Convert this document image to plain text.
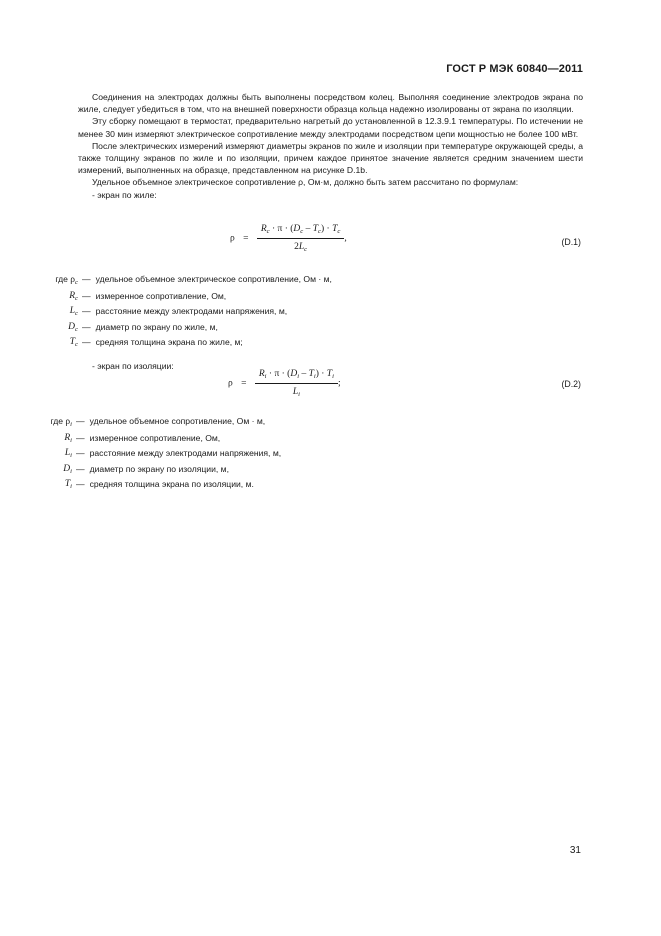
ГОСТ Р МЭК 60840—2011

Соединения на электродах должны быть выполнены посредством колец. Выполняя соединение электродов экрана по жиле, следует убедиться в том, что на внешней поверхности образца кольца надежно изолированы от экрана по изоляции.

Эту сборку помещают в термостат, предварительно нагретый до установленной в 12.3.9.1 температуры. По истечении не менее 30 мин измеряют электрическое сопротивление между электродами посредством цепи мощностью не более 100 мВт.

После электрических измерений измеряют диаметры экранов по жиле и изоляции при температуре окружающей среды, а также толщину экранов по жиле и по изоляции, причем каждое принятое значение является средним значением шести измерений, выполненных на образце, представленном на рисунке D.1b.

Удельное объемное электрическое сопротивление ρ, Ом·м, должно быть затем рассчитано по формулам:

- экран по жиле:

$\rho = \frac{R_c \cdot \pi \cdot (D_c - T_c) \cdot T_c}{2L_c}$ ,	(D.1)
где $\rho_c$ — удельное объемное электрическое сопротивление, Ом · м,
$R_c$ — измеренное сопротивление, Ом,
$L_c$ — расстояние между электродами напряжения, м,
$D_c$ — диаметр по экрану по жиле, м,
$T_c$ — средняя толщина экрана по жиле, м;

- экран по изоляции:

$\rho = \frac{R_i \cdot \pi \cdot (D_i - T_i) \cdot T_i}{L_i}$ ;	(D.2)
где $\rho_i$ — удельное объемное сопротивление, Ом · м,
$R_i$ — измеренное сопротивление, Ом,
$L_i$ — расстояние между электродами напряжения, м,
$D_i$ — диаметр по экрану по изоляции, м,
$T_i$ — средняя толщина экрана по изоляции, м.
31
